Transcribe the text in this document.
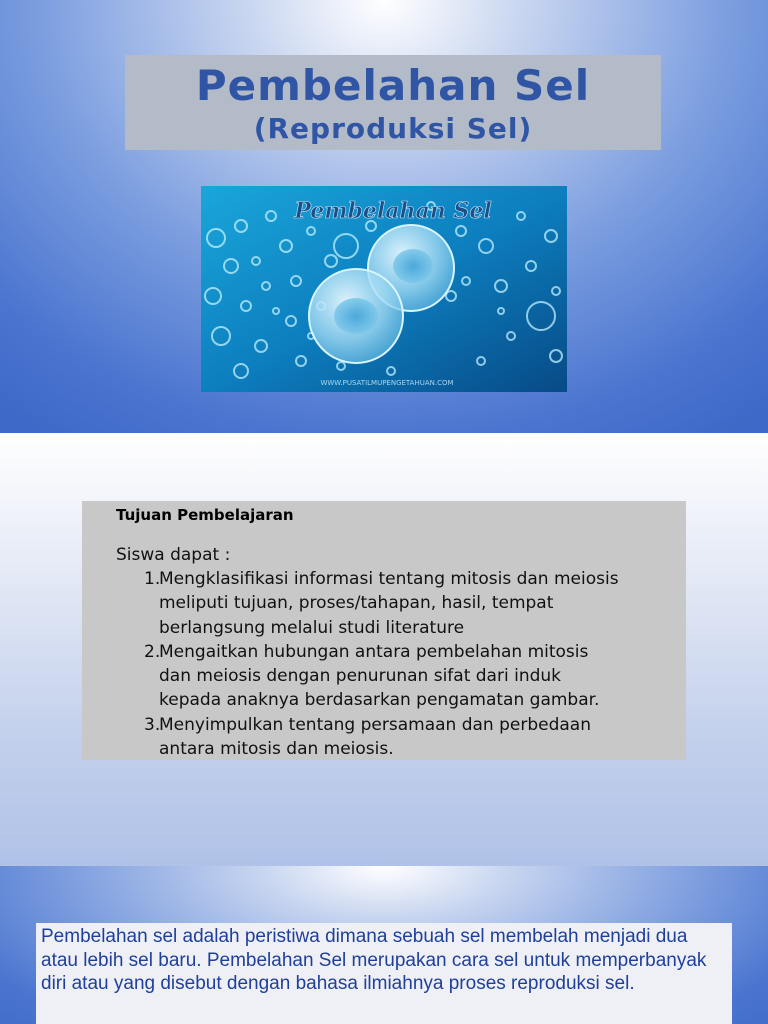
Pembelahan Sel
(Reproduksi Sel)
Pembelahan Sel
WWW.PUSATILMUPENGETAHUAN.COM
Tujuan Pembelajaran
Siswa dapat :
1.
Mengklasifikasi informasi tentang mitosis dan meiosis meliputi tujuan, proses/tahapan, hasil, tempat berlangsung melalui studi literature
2.
Mengaitkan hubungan antara pembelahan mitosis dan meiosis dengan penurunan sifat dari induk kepada anaknya berdasarkan pengamatan gambar.
3.
Menyimpulkan tentang persamaan dan perbedaan antara mitosis dan meiosis.

Pembelahan sel adalah peristiwa dimana sebuah sel membelah menjadi dua atau lebih sel baru. Pembelahan Sel merupakan cara sel untuk memperbanyak diri atau yang disebut dengan bahasa ilmiahnya proses reproduksi sel.
